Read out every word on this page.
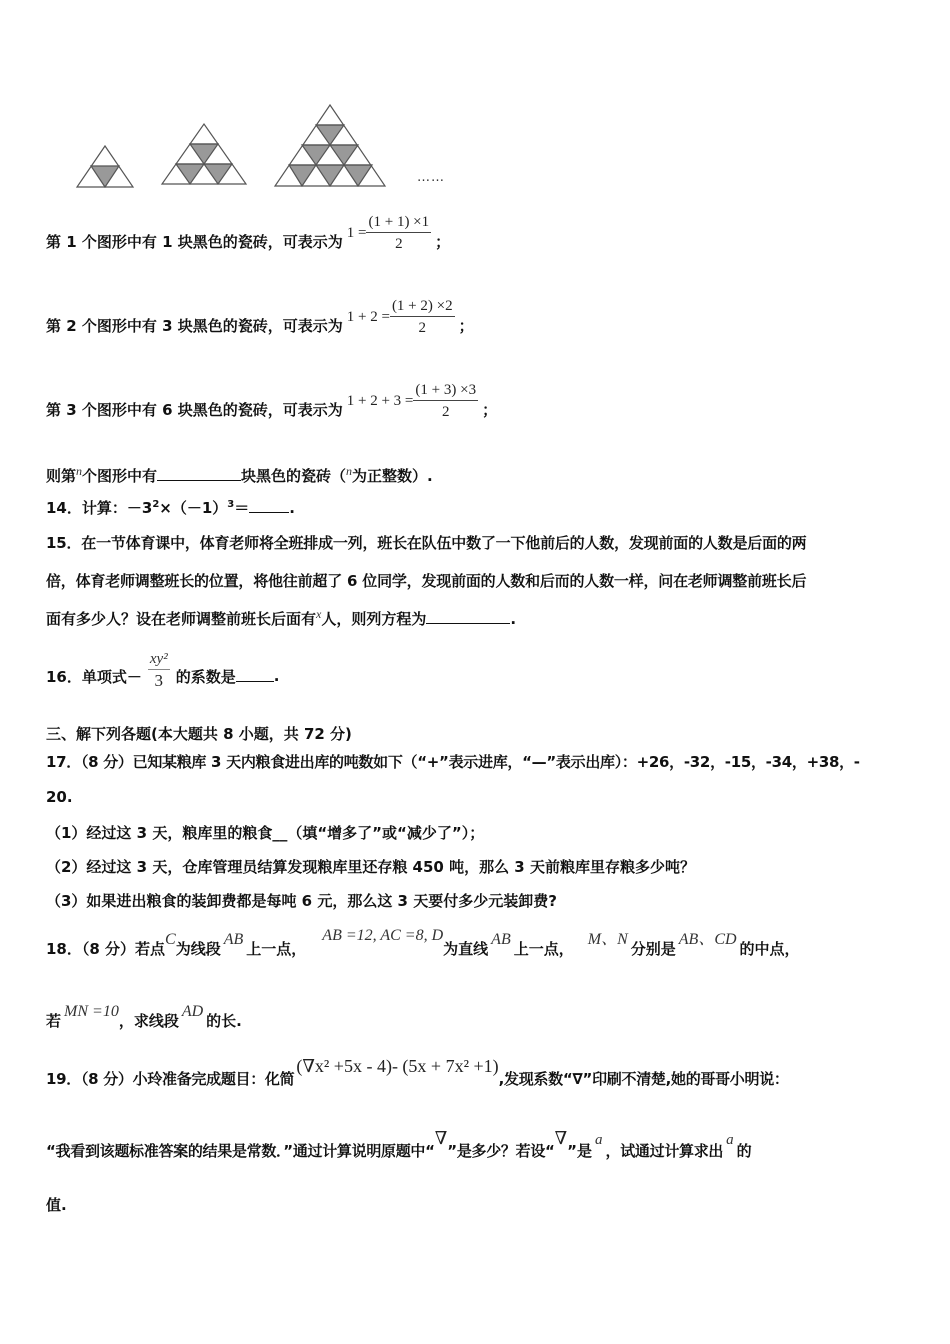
……
第 1 个图形中有 1 块黑色的瓷砖，可表示为 $1 = \frac{(1 + 1) \times 1}{2}$ ；
第 2 个图形中有 3 块黑色的瓷砖，可表示为 $1 + 2 = \frac{(1 + 2) \times 2}{2}$ ；
第 3 个图形中有 6 块黑色的瓷砖，可表示为 $1 + 2 + 3 = \frac{(1 + 3) \times 3}{2}$ ；
则第$^n$个图形中有	块黑色的瓷砖（$^n$为正整数）.
14．计算：$-3^2\times(-1)^3=$	.
15．在一节体育课中，体育老师将全班排成一列，班长在队伍中数了一下他前后的人数，发现前面的人数是后面的两
倍，体育老师调整班长的位置，将他往前超了 6 位同学，发现前面的人数和后而的人数一样，问在老师调整前班长后
面有多少人？设在老师调整前班长后面有$^x$人，则列方程为	.
16．单项式－ $\frac{\text{xy²}}{3}$ 的系数是	.
三、解下列各题(本大题共 8 小题，共 72 分)
17．（8 分）已知某粮库 3 天内粮食进出库的吨数如下（“+”表示进库，“—”表示出库）：+26，-32，-15，-34，+38，-
20.
（1）经过这 3 天，粮库里的粮食__（填“增多了”或“减少了”）；
（2）经过这 3 天，仓库管理员结算发现粮库里还存粮 450 吨，那么 3 天前粮库里存粮多少吨？
（3）如果进出粮食的装卸费都是每吨 6 元，那么这 3 天要付多少元装卸费?
18．（8 分）若点C为线段AB上一点，AB =12, AC =8, D为直线AB上一点，M、N分别是AB、CD的中点，
若MN =10，求线段AD的长.
19．（8 分）小玲准备完成题目：化简(∇x² +5x - 4)- (5x + 7x² +1),发现系数“∇”印刷不清楚,她的哥哥小明说：
“我看到该题标准答案的结果是常数．”通过计算说明原题中“∇”是多少？若设“∇”是a，试通过计算求出a的
值.
